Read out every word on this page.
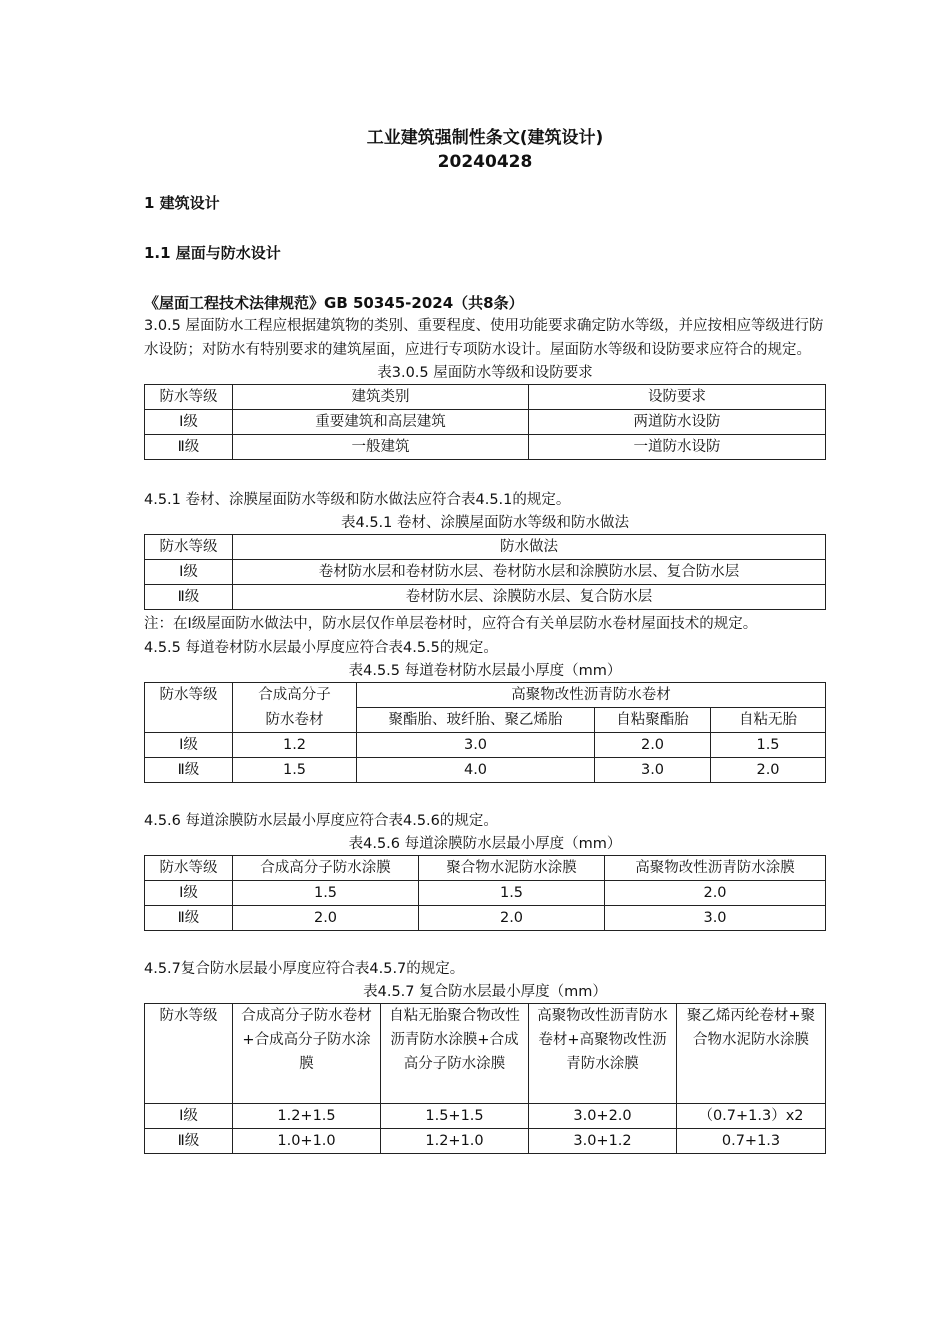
工业建筑强制性条文(建筑设计)
20240428
1 建筑设计
1.1 屋面与防水设计
《屋面工程技术法律规范》GB 50345-2024（共8条）
3.0.5 屋面防水工程应根据建筑物的类别、重要程度、使用功能要求确定防水等级，并应按相应等级进行防水设防；对防水有特别要求的建筑屋面，应进行专项防水设计。屋面防水等级和设防要求应符合的规定。
表3.0.5 屋面防水等级和设防要求
防水等级	建筑类别	设防要求
Ⅰ级	重要建筑和高层建筑	两道防水设防
Ⅱ级	一般建筑	一道防水设防
4.5.1 卷材、涂膜屋面防水等级和防水做法应符合表4.5.1的规定。
表4.5.1 卷材、涂膜屋面防水等级和防水做法
防水等级	防水做法
Ⅰ级	卷材防水层和卷材防水层、卷材防水层和涂膜防水层、复合防水层
Ⅱ级	卷材防水层、涂膜防水层、复合防水层
注：在Ⅰ级屋面防水做法中，防水层仅作单层卷材时，应符合有关单层防水卷材屋面技术的规定。
4.5.5 每道卷材防水层最小厚度应符合表4.5.5的规定。
表4.5.5 每道卷材防水层最小厚度（mm）
防水等级	合成高分子	高聚物改性沥青防水卷材		
	防水卷材	聚酯胎、玻纤胎、聚乙烯胎	自粘聚酯胎	自粘无胎
Ⅰ级	1.2	3.0	2.0	1.5
Ⅱ级	1.5	4.0	3.0	2.0
4.5.6 每道涂膜防水层最小厚度应符合表4.5.6的规定。
表4.5.6 每道涂膜防水层最小厚度（mm）
防水等级	合成高分子防水涂膜	聚合物水泥防水涂膜	高聚物改性沥青防水涂膜
Ⅰ级	1.5	1.5	2.0
Ⅱ级	2.0	2.0	3.0
4.5.7复合防水层最小厚度应符合表4.5.7的规定。
表4.5.7 复合防水层最小厚度（mm）
防水等级	合成高分子防水卷材+合成高分子防水涂膜	自粘无胎聚合物改性沥青防水涂膜+合成高分子防水涂膜	高聚物改性沥青防水卷材+高聚物改性沥青防水涂膜	聚乙烯丙纶卷材+聚合物水泥防水涂膜
Ⅰ级	1.2+1.5	1.5+1.5	3.0+2.0	（0.7+1.3）x2
Ⅱ级	1.0+1.0	1.2+1.0	3.0+1.2	0.7+1.3
